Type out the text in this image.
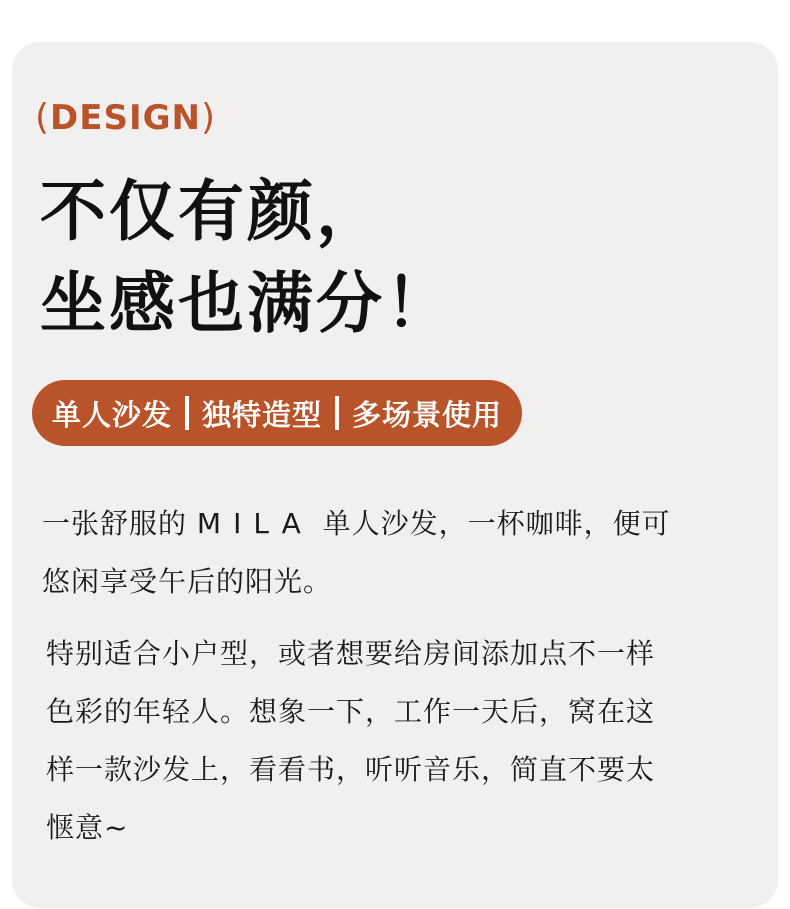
( DESIGN )
不仅有颜，
坐感也满分！
单人沙发 独特造型 多场景使用
一张舒服的 MILA 单人沙发，一杯咖啡，便可
悠闲享受午后的阳光。
特别适合小户型，或者想要给房间添加点不一样
色彩的年轻人。想象一下，工作一天后，窝在这
样一款沙发上，看看书，听听音乐，简直不要太
惬意~
